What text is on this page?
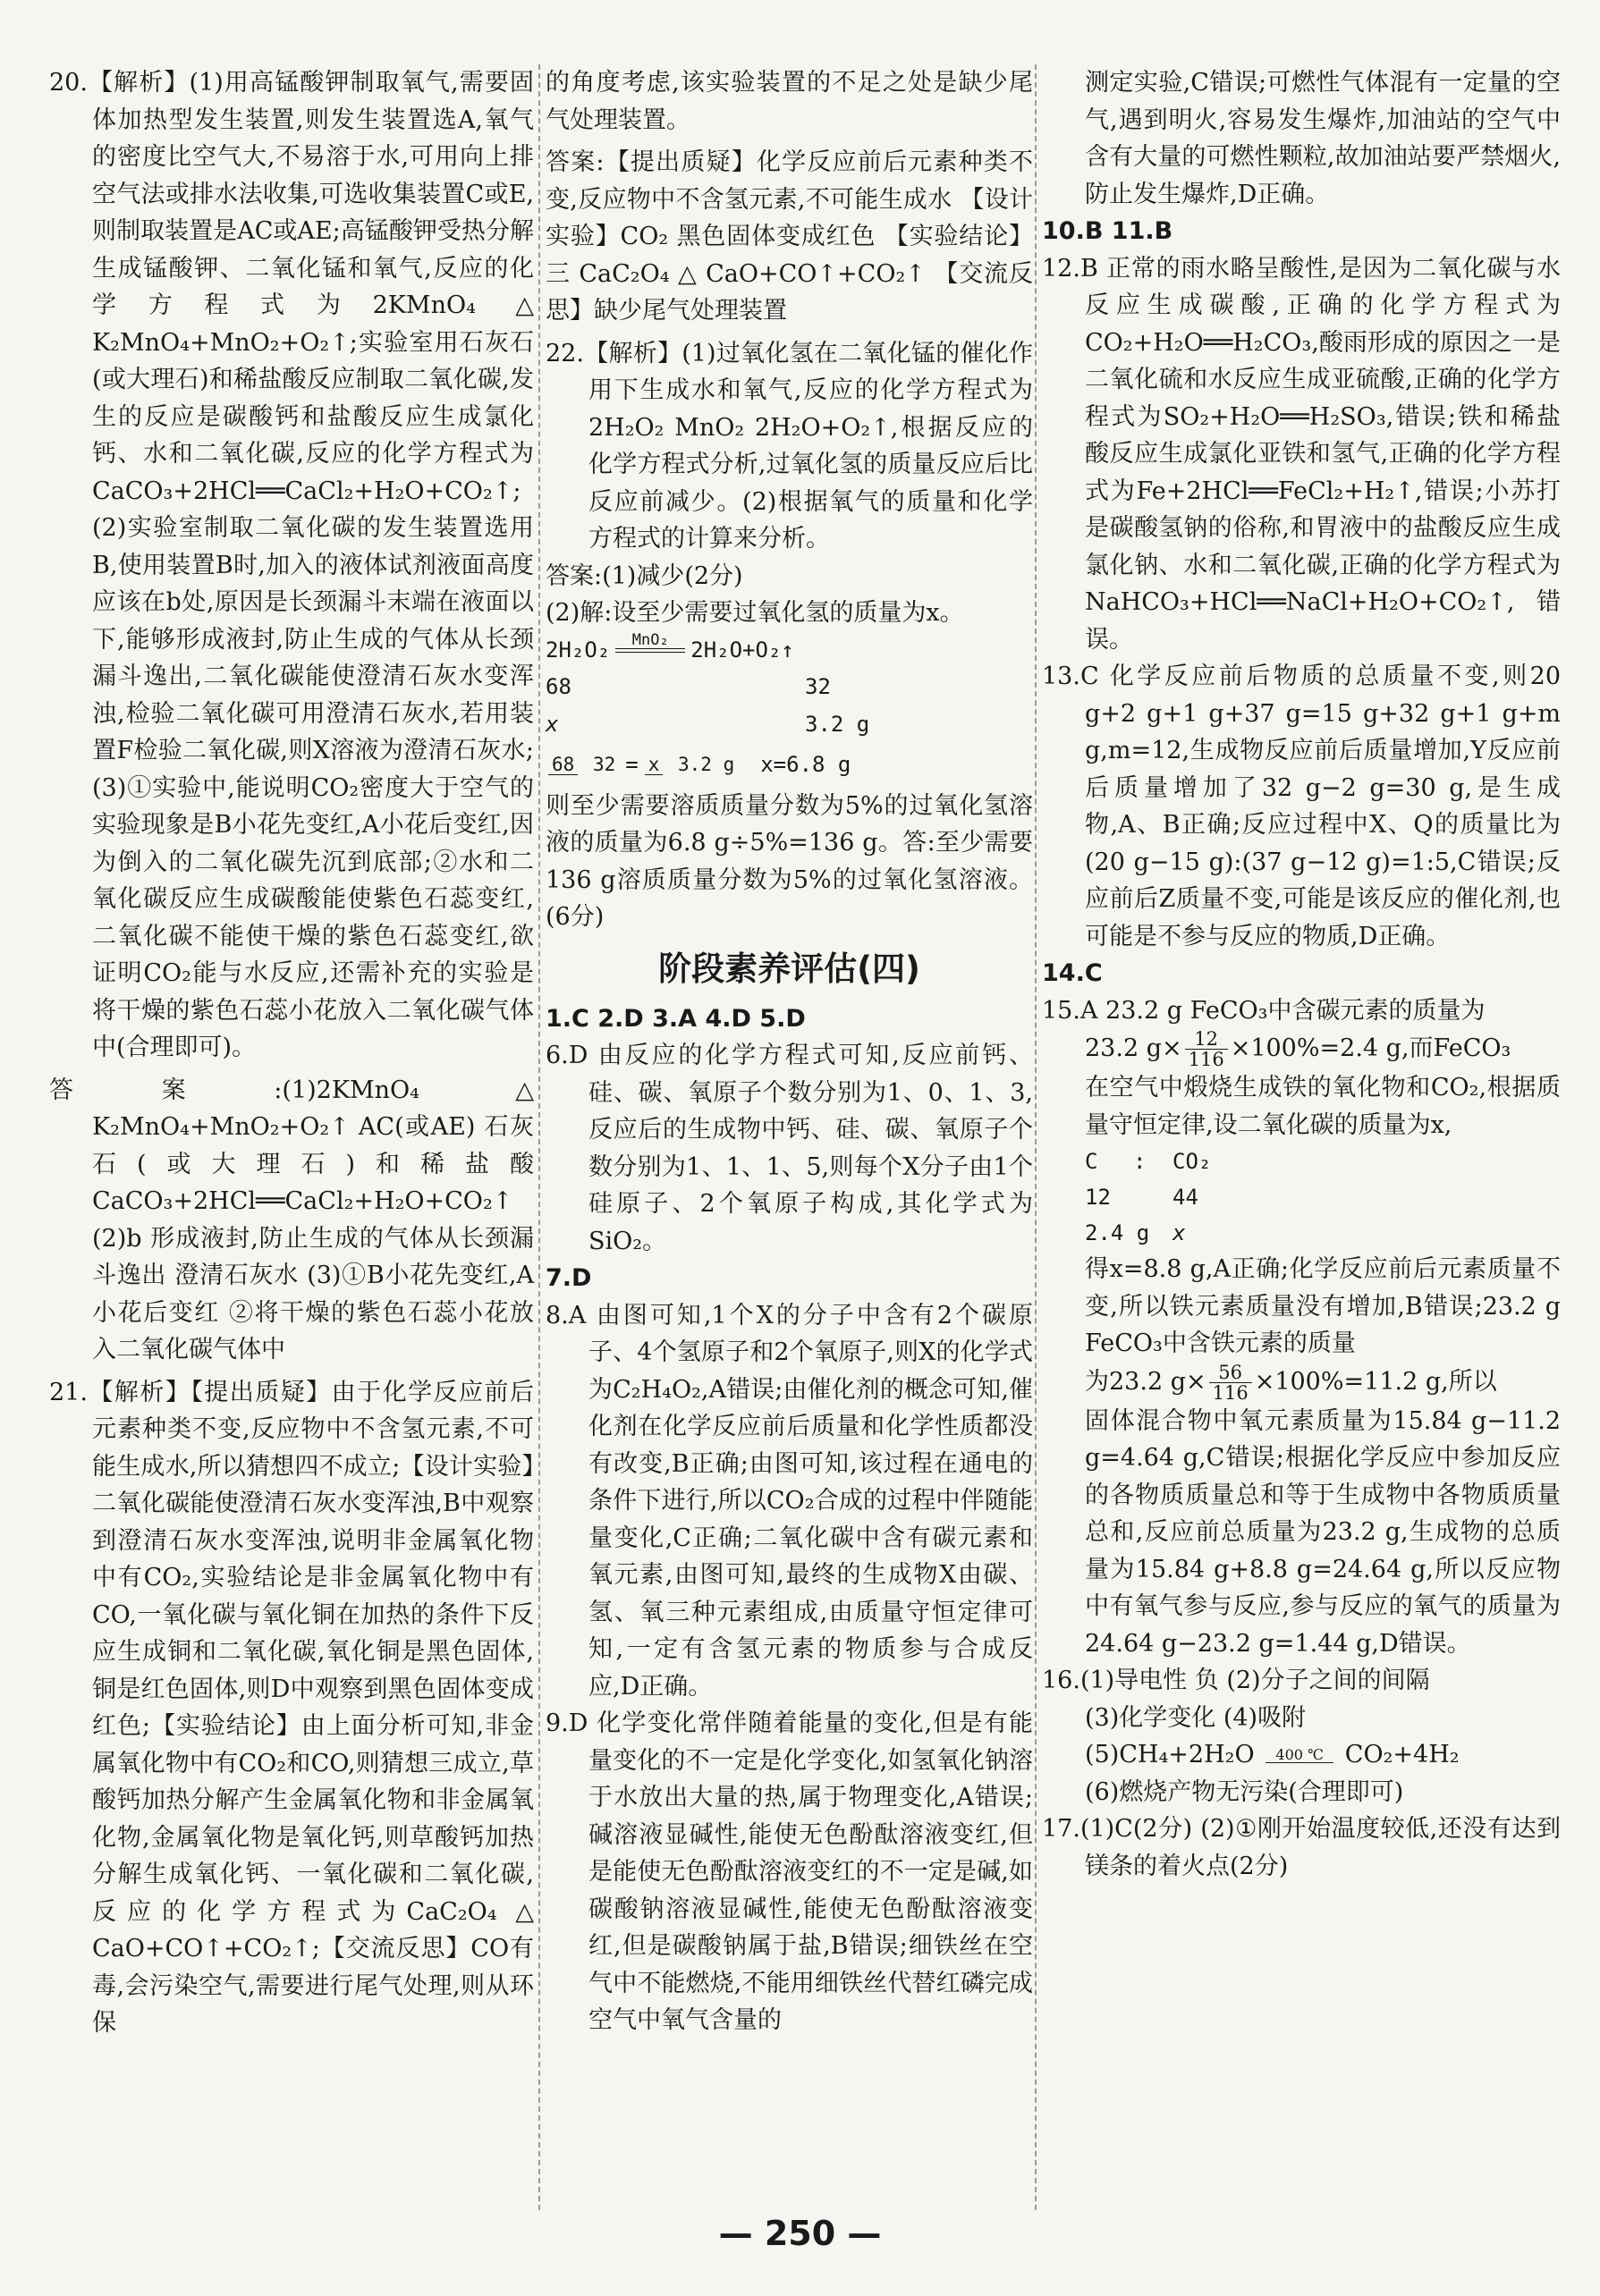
20.【解析】(1)用高锰酸钾制取氧气,需要固体加热型发生装置,则发生装置选A,氧气的密度比空气大,不易溶于水,可用向上排空气法或排水法收集,可选收集装置C或E,则制取装置是AC或AE;高锰酸钾受热分解生成锰酸钾、二氧化锰和氧气,反应的化学方程式为2KMnO₄ △ K₂MnO₄+MnO₂+O₂↑;实验室用石灰石(或大理石)和稀盐酸反应制取二氧化碳,发生的反应是碳酸钙和盐酸反应生成氯化钙、水和二氧化碳,反应的化学方程式为CaCO₃+2HCl══CaCl₂+H₂O+CO₂↑;(2)实验室制取二氧化碳的发生装置选用B,使用装置B时,加入的液体试剂液面高度应该在b处,原因是长颈漏斗末端在液面以下,能够形成液封,防止生成的气体从长颈漏斗逸出,二氧化碳能使澄清石灰水变浑浊,检验二氧化碳可用澄清石灰水,若用装置F检验二氧化碳,则X溶液为澄清石灰水;(3)①实验中,能说明CO₂密度大于空气的实验现象是B小花先变红,A小花后变红,因为倒入的二氧化碳先沉到底部;②水和二氧化碳反应生成碳酸能使紫色石蕊变红,二氧化碳不能使干燥的紫色石蕊变红,欲证明CO₂能与水反应,还需补充的实验是将干燥的紫色石蕊小花放入二氧化碳气体中(合理即可)。

答案:(1)2KMnO₄ △ K₂MnO₄+MnO₂+O₂↑ AC(或AE) 石灰石(或大理石)和稀盐酸 CaCO₃+2HCl══CaCl₂+H₂O+CO₂↑ (2)b 形成液封,防止生成的气体从长颈漏斗逸出 澄清石灰水 (3)①B小花先变红,A小花后变红 ②将干燥的紫色石蕊小花放入二氧化碳气体中

21.【解析】【提出质疑】由于化学反应前后元素种类不变,反应物中不含氢元素,不可能生成水,所以猜想四不成立;【设计实验】二氧化碳能使澄清石灰水变浑浊,B中观察到澄清石灰水变浑浊,说明非金属氧化物中有CO₂,实验结论是非金属氧化物中有CO,一氧化碳与氧化铜在加热的条件下反应生成铜和二氧化碳,氧化铜是黑色固体,铜是红色固体,则D中观察到黑色固体变成红色;【实验结论】由上面分析可知,非金属氧化物中有CO₂和CO,则猜想三成立,草酸钙加热分解产生金属氧化物和非金属氧化物,金属氧化物是氧化钙,则草酸钙加热分解生成氧化钙、一氧化碳和二氧化碳,反应的化学方程式为CaC₂O₄ △ CaO+CO↑+CO₂↑;【交流反思】CO有毒,会污染空气,需要进行尾气处理,则从环保

的角度考虑,该实验装置的不足之处是缺少尾气处理装置。

答案:【提出质疑】化学反应前后元素种类不变,反应物中不含氢元素,不可能生成水 【设计实验】CO₂ 黑色固体变成红色 【实验结论】三 CaC₂O₄ △ CaO+CO↑+CO₂↑ 【交流反思】缺少尾气处理装置

22.【解析】(1)过氧化氢在二氧化锰的催化作用下生成水和氧气,反应的化学方程式为2H₂O₂ MnO₂ 2H₂O+O₂↑,根据反应的化学方程式分析,过氧化氢的质量反应后比反应前减少。(2)根据氧气的质量和化学方程式的计算来分析。

答案:(1)减少(2分)

(2)解:设至少需要过氧化氢的质量为x。

2H₂O₂ MnO₂ 2H₂O+O₂↑
68	32
x	3.2 g
68 32 = x 3.2 g x=6.8 g

则至少需要溶质质量分数为5%的过氧化氢溶液的质量为6.8 g÷5%=136 g。答:至少需要136 g溶质质量分数为5%的过氧化氢溶液。(6分)

阶段素养评估(四)

1.C 2.D 3.A 4.D 5.D

6.D 由反应的化学方程式可知,反应前钙、硅、碳、氧原子个数分别为1、0、1、3,反应后的生成物中钙、硅、碳、氧原子个数分别为1、1、1、5,则每个X分子由1个硅原子、2个氧原子构成,其化学式为SiO₂。

7.D

8.A 由图可知,1个X的分子中含有2个碳原子、4个氢原子和2个氧原子,则X的化学式为C₂H₄O₂,A错误;由催化剂的概念可知,催化剂在化学反应前后质量和化学性质都没有改变,B正确;由图可知,该过程在通电的条件下进行,所以CO₂合成的过程中伴随能量变化,C正确;二氧化碳中含有碳元素和氧元素,由图可知,最终的生成物X由碳、氢、氧三种元素组成,由质量守恒定律可知,一定有含氢元素的物质参与合成反应,D正确。

9.D 化学变化常伴随着能量的变化,但是有能量变化的不一定是化学变化,如氢氧化钠溶于水放出大量的热,属于物理变化,A错误;碱溶液显碱性,能使无色酚酞溶液变红,但是能使无色酚酞溶液变红的不一定是碱,如碳酸钠溶液显碱性,能使无色酚酞溶液变红,但是碳酸钠属于盐,B错误;细铁丝在空气中不能燃烧,不能用细铁丝代替红磷完成空气中氧气含量的

测定实验,C错误;可燃性气体混有一定量的空气,遇到明火,容易发生爆炸,加油站的空气中含有大量的可燃性颗粒,故加油站要严禁烟火,防止发生爆炸,D正确。

10.B 11.B

12.B 正常的雨水略呈酸性,是因为二氧化碳与水反应生成碳酸,正确的化学方程式为CO₂+H₂O══H₂CO₃,酸雨形成的原因之一是二氧化硫和水反应生成亚硫酸,正确的化学方程式为SO₂+H₂O══H₂SO₃,错误;铁和稀盐酸反应生成氯化亚铁和氢气,正确的化学方程式为Fe+2HCl══FeCl₂+H₂↑,错误;小苏打是碳酸氢钠的俗称,和胃液中的盐酸反应生成氯化钠、水和二氧化碳,正确的化学方程式为NaHCO₃+HCl══NaCl+H₂O+CO₂↑,错误。

13.C 化学反应前后物质的总质量不变,则20 g+2 g+1 g+37 g=15 g+32 g+1 g+m g,m=12,生成物反应前后质量增加,Y反应前后质量增加了32 g−2 g=30 g,是生成物,A、B正确;反应过程中X、Q的质量比为(20 g−15 g):(37 g−12 g)=1:5,C错误;反应前后Z质量不变,可能是该反应的催化剂,也可能是不参与反应的物质,D正确。

14.C

15.A 23.2 g FeCO₃中含碳元素的质量为

23.2 $g\times \frac{12}{116} \times 100\%=2.4$ g,而FeCO₃

在空气中煅烧生成铁的氧化物和CO₂,根据质量守恒定律,设二氧化碳的质量为x,

C	:	CO₂
12	44
2.4 g	x

得x=8.8 g,A正确;化学反应前后元素质量不变,所以铁元素质量没有增加,B错误;23.2 g FeCO₃中含铁元素的质量

为23.2 $g\times \frac{56}{116} \times 100\%=11.2$ g,所以

固体混合物中氧元素质量为15.84 g−11.2 g=4.64 g,C错误;根据化学反应中参加反应的各物质质量总和等于生成物中各物质质量总和,反应前总质量为23.2 g,生成物的总质量为15.84 g+8.8 g=24.64 g,所以反应物中有氧气参与反应,参与反应的氧气的质量为24.64 g−23.2 g=1.44 g,D错误。

16.(1)导电性 负 (2)分子之间的间隔

(3)化学变化 (4)吸附

(5)CH₄+2H₂O 400 ℃ CO₂+4H₂

(6)燃烧产物无污染(合理即可)

17.(1)C(2分) (2)①刚开始温度较低,还没有达到镁条的着火点(2分)

— 250 —
